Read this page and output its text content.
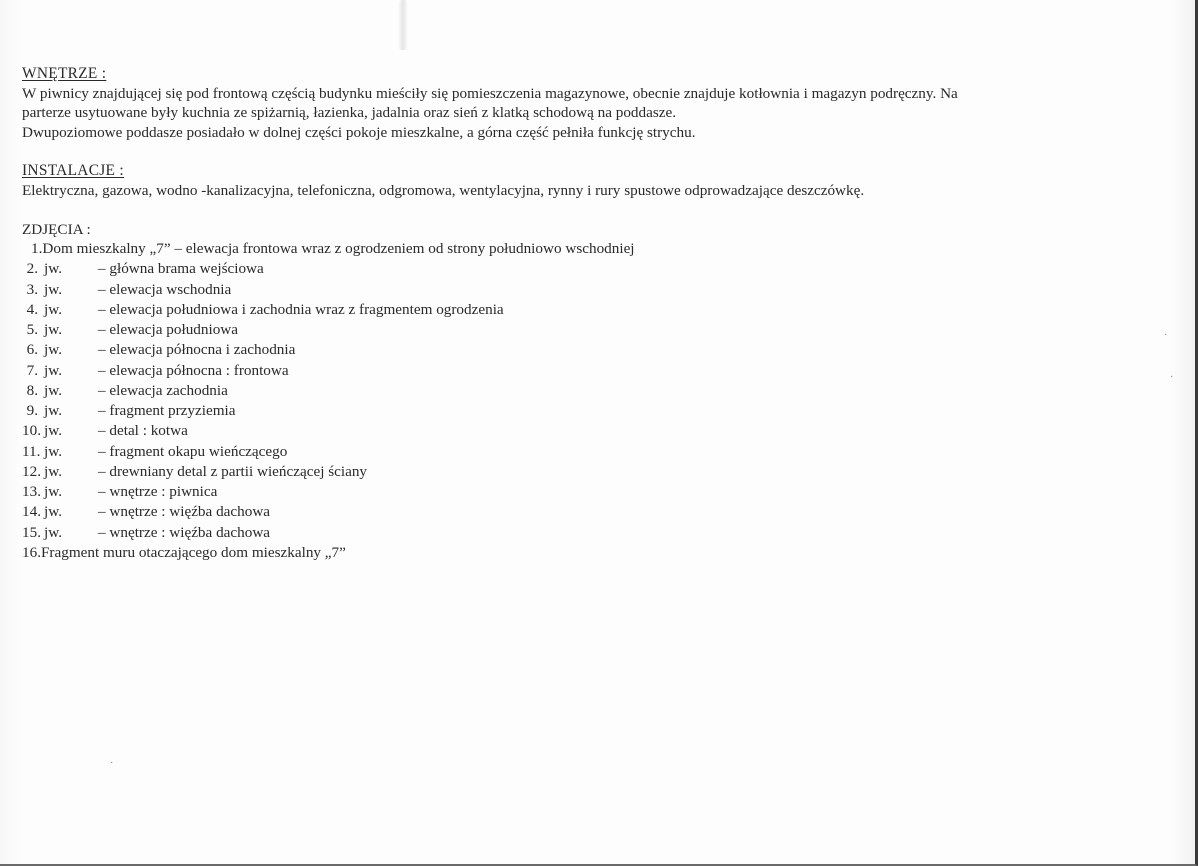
WNĘTRZE :

W piwnicy znajdującej się pod frontową częścią budynku mieściły się pomieszczenia magazynowe, obecnie znajduje kotłownia i magazyn podręczny. Na

parterze usytuowane były kuchnia ze spiżarnią, łazienka, jadalnia oraz sień z klatką schodową na poddasze.

Dwupoziomowe poddasze posiadało w dolnej części pokoje mieszkalne, a górna część pełniła funkcję strychu.

INSTALACJE :

Elektryczna, gazowa, wodno -kanalizacyjna, telefoniczna, odgromowa, wentylacyjna, rynny i rury spustowe odprowadzające deszczówkę.

ZDJĘCIA :
1.Dom mieszkalny „7” – elewacja frontowa wraz z ogrodzeniem od strony południowo wschodniej
2. jw. – główna brama wejściowa
3. jw. – elewacja wschodnia
4. jw. – elewacja południowa i zachodnia wraz z fragmentem ogrodzenia
5. jw. – elewacja południowa
6. jw. – elewacja północna i zachodnia
7. jw. – elewacja północna : frontowa
8. jw. – elewacja zachodnia
9. jw. – fragment przyziemia
10. jw. – detal : kotwa
11. jw. – fragment okapu wieńczącego
12. jw. – drewniany detal z partii wieńczącej ściany
13. jw. – wnętrze : piwnica
14. jw. – wnętrze : więźba dachowa
15. jw. – wnętrze : więźba dachowa
16.Fragment muru otaczającego dom mieszkalny „7”
·
·
·
